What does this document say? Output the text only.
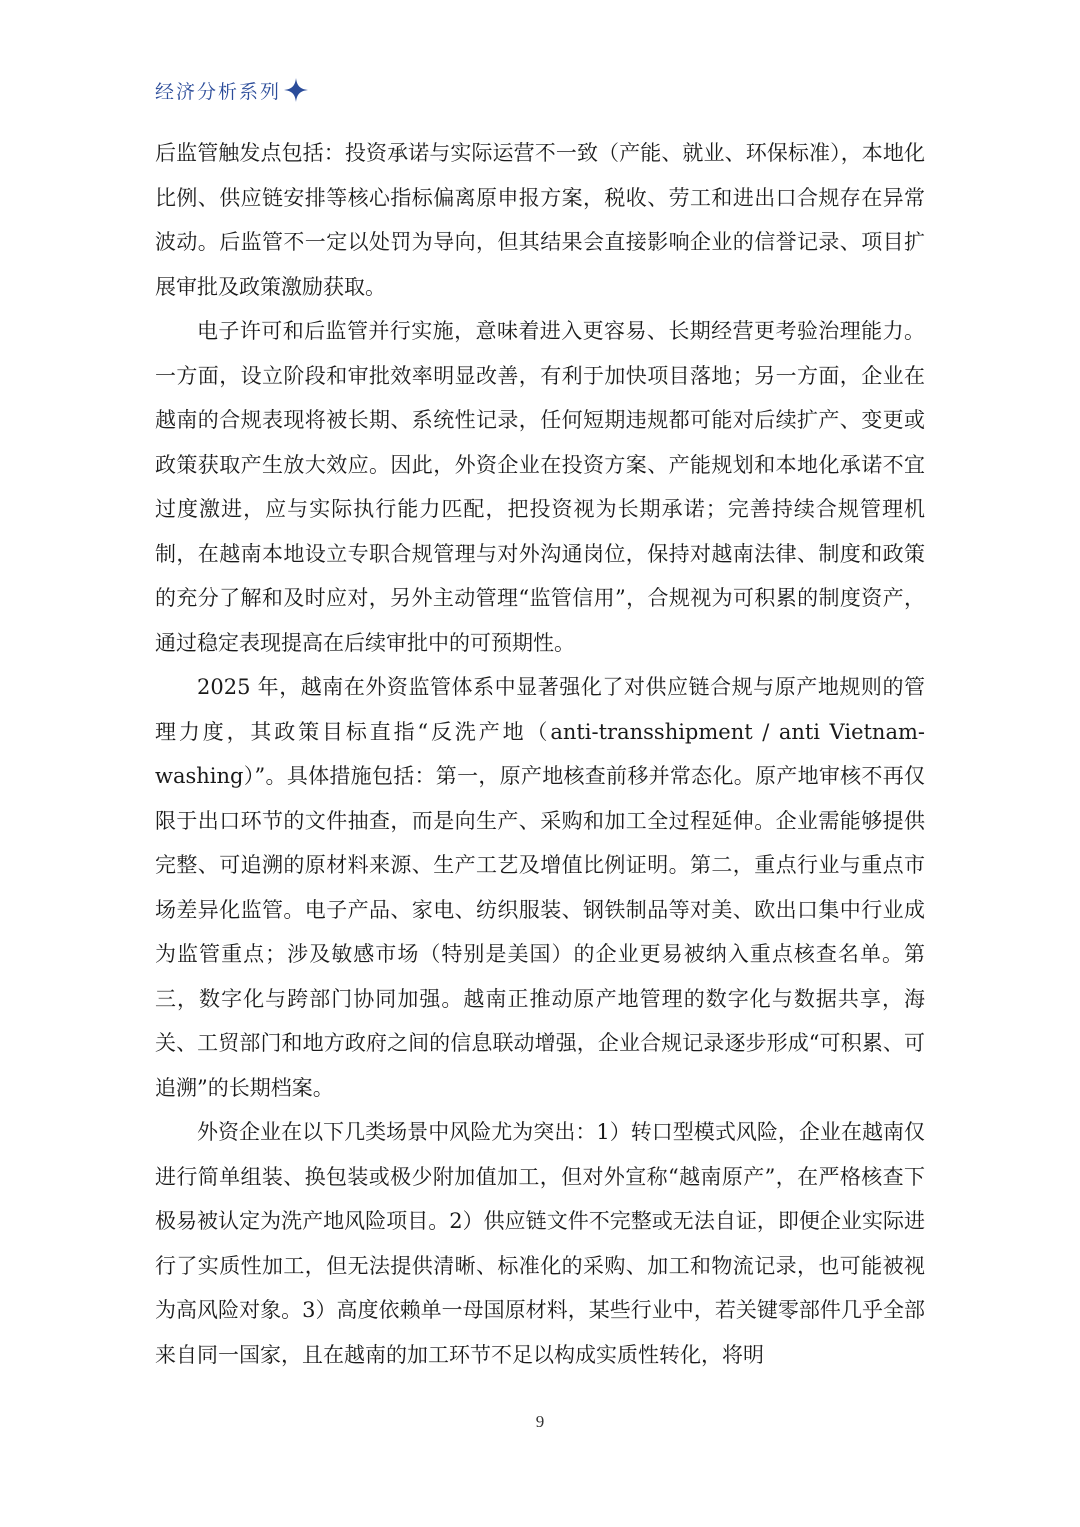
经济分析系列

后监管触发点包括：投资承诺与实际运营不一致（产能、就业、环保标准），本地化比例、供应链安排等核心指标偏离原申报方案，税收、劳工和进出口合规存在异常波动。后监管不一定以处罚为导向，但其结果会直接影响企业的信誉记录、项目扩展审批及政策激励获取。

电子许可和后监管并行实施，意味着进入更容易、长期经营更考验治理能力。一方面，设立阶段和审批效率明显改善，有利于加快项目落地；另一方面，企业在越南的合规表现将被长期、系统性记录，任何短期违规都可能对后续扩产、变更或政策获取产生放大效应。因此，外资企业在投资方案、产能规划和本地化承诺不宜过度激进，应与实际执行能力匹配，把投资视为长期承诺；完善持续合规管理机制，在越南本地设立专职合规管理与对外沟通岗位，保持对越南法律、制度和政策的充分了解和及时应对，另外主动管理“监管信用”，合规视为可积累的制度资产，通过稳定表现提高在后续审批中的可预期性。

2025 年，越南在外资监管体系中显著强化了对供应链合规与原产地规则的管理力度，其政策目标直指“反洗产地（anti-transshipment / anti Vietnam-washing）”。具体措施包括：第一，原产地核查前移并常态化。原产地审核不再仅限于出口环节的文件抽查，而是向生产、采购和加工全过程延伸。企业需能够提供完整、可追溯的原材料来源、生产工艺及增值比例证明。第二，重点行业与重点市场差异化监管。电子产品、家电、纺织服装、钢铁制品等对美、欧出口集中行业成为监管重点；涉及敏感市场（特别是美国）的企业更易被纳入重点核查名单。第三，数字化与跨部门协同加强。越南正推动原产地管理的数字化与数据共享，海关、工贸部门和地方政府之间的信息联动增强，企业合规记录逐步形成“可积累、可追溯”的长期档案。

外资企业在以下几类场景中风险尤为突出：1）转口型模式风险，企业在越南仅进行简单组装、换包装或极少附加值加工，但对外宣称“越南原产”，在严格核查下极易被认定为洗产地风险项目。2）供应链文件不完整或无法自证，即便企业实际进行了实质性加工，但无法提供清晰、标准化的采购、加工和物流记录，也可能被视为高风险对象。3）高度依赖单一母国原材料，某些行业中，若关键零部件几乎全部来自同一国家，且在越南的加工环节不足以构成实质性转化，将明

9
